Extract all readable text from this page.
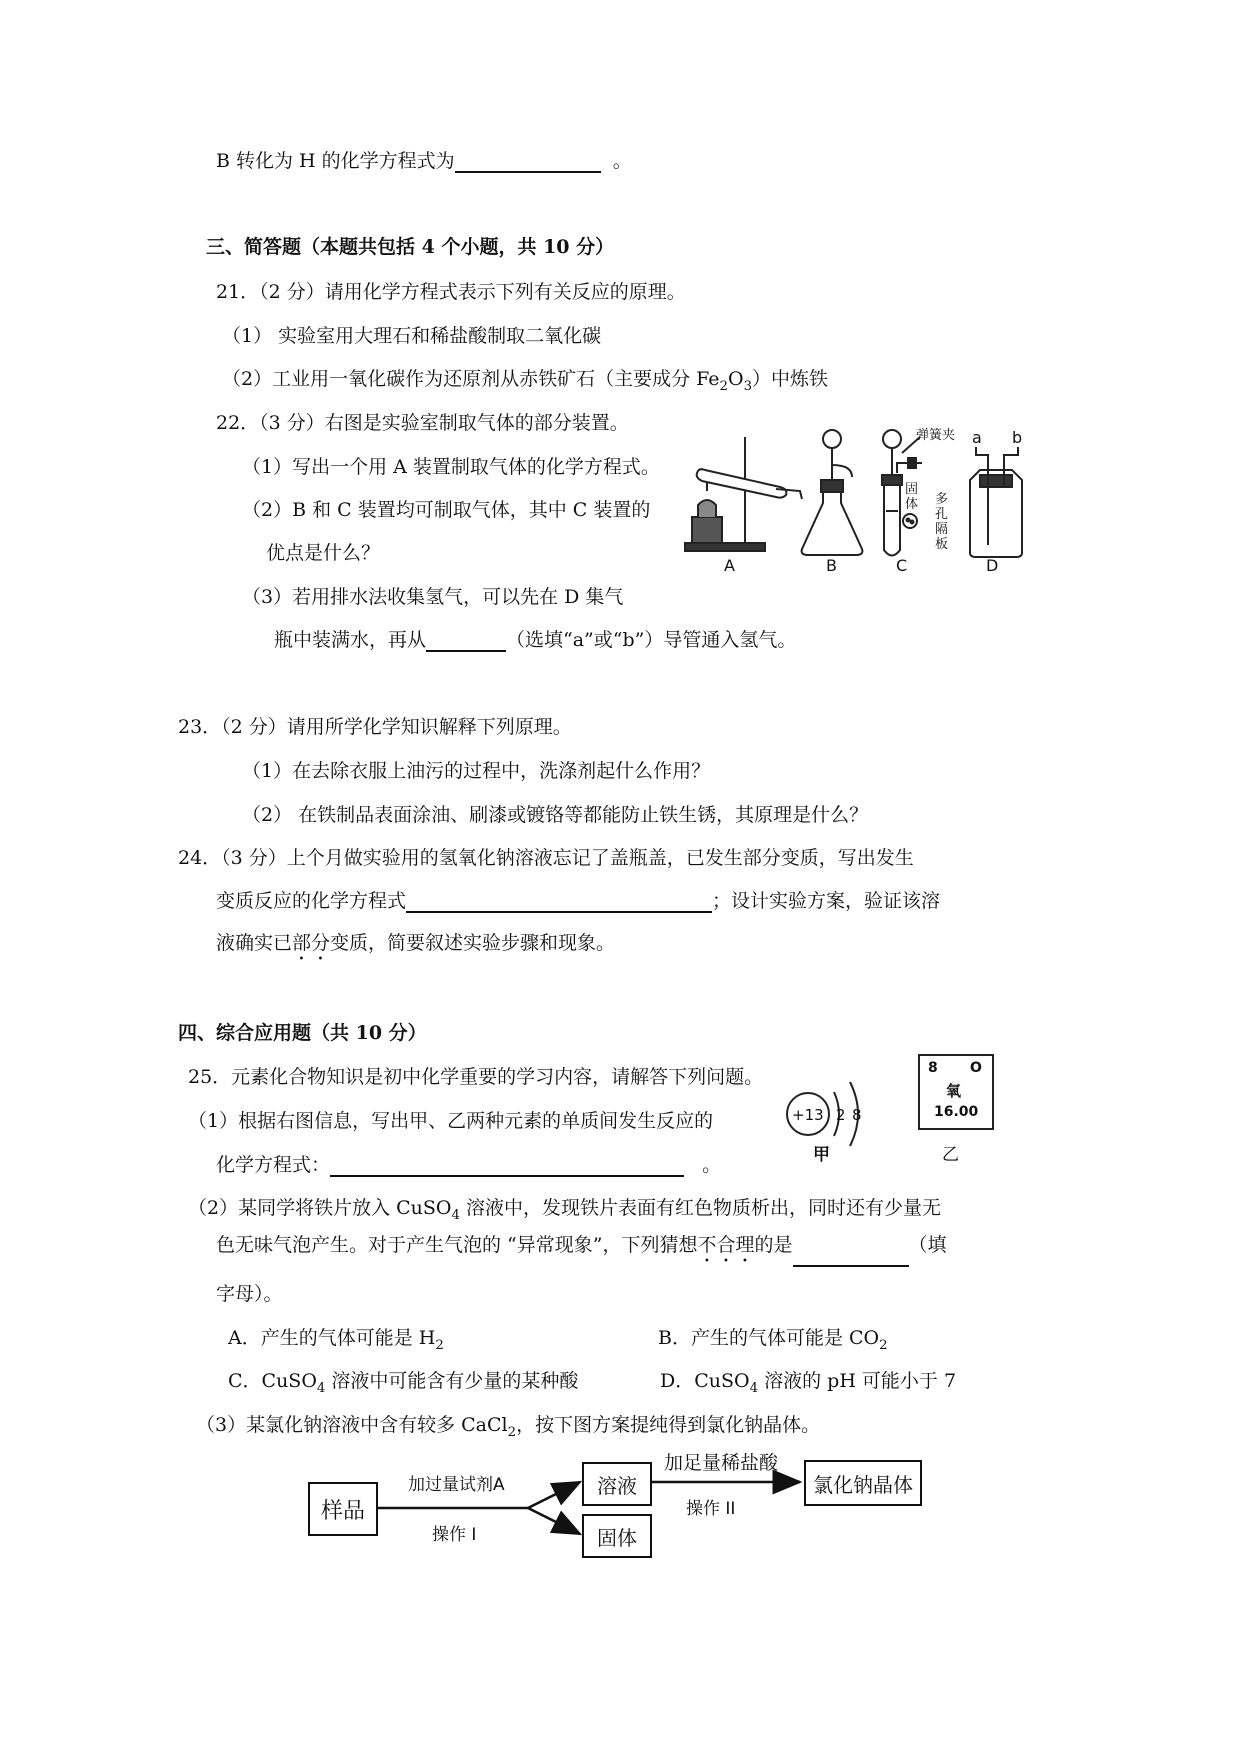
B 转化为 H 的化学方程式为	。
三、简答题（本题共包括 4 个小题，共 10 分）
21．（2 分）请用化学方程式表示下列有关反应的原理。
（1） 实验室用大理石和稀盐酸制取二氧化碳
（2）工业用一氧化碳作为还原剂从赤铁矿石（主要成分 $Fe_2O_3$）中炼铁
22．（3 分）右图是实验室制取气体的部分装置。
（1）写出一个用 A 装置制取气体的化学方程式。
（2）B 和 C 装置均可制取气体，其中 C 装置的
优点是什么？
（3）若用排水法收集氢气，可以先在 D 集气
瓶中装满水，再从	（选填“a”或“b”）导管通入氢气。
弹簧夹 a b
A	B	C	D
固体 多孔隔板
23．（2 分）请用所学化学知识解释下列原理。
（1）在去除衣服上油污的过程中，洗涤剂起什么作用？
（2） 在铁制品表面涂油、刷漆或镀铬等都能防止铁生锈，其原理是什么？
24．（3 分）上个月做实验用的氢氧化钠溶液忘记了盖瓶盖，已发生部分变质，写出发生
变质反应的化学方程式	；设计实验方案，验证该溶
液确实已部分变质，简要叙述实验步骤和现象。
四、综合应用题（共 10 分）
25．元素化合物知识是初中化学重要的学习内容，请解答下列问题。
（1）根据右图信息，写出甲、乙两种元素的单质间发生反应的
化学方程式：	。
+13 2 8
甲
8 O
氧
16.00
乙
（2）某同学将铁片放入 CuSO$_4$ 溶液中，发现铁片表面有红色物质析出，同时还有少量无
色无味气泡产生。对于产生气泡的 “异常现象”，下列猜想不合理的是	（填
字母）。
A．产生的气体可能是 $H_2$	B．产生的气体可能是 $CO_2$
C．CuSO$_4$ 溶液中可能含有少量的某种酸	D．CuSO$_4$ 溶液的 pH 可能小于 7
（3）某氯化钠溶液中含有较多 CaCl$_2$，按下图方案提纯得到氯化钠晶体。
样品
加过量试剂A
操作 I
溶液
固体
加足量稀盐酸
操作 II
氯化钠晶体
